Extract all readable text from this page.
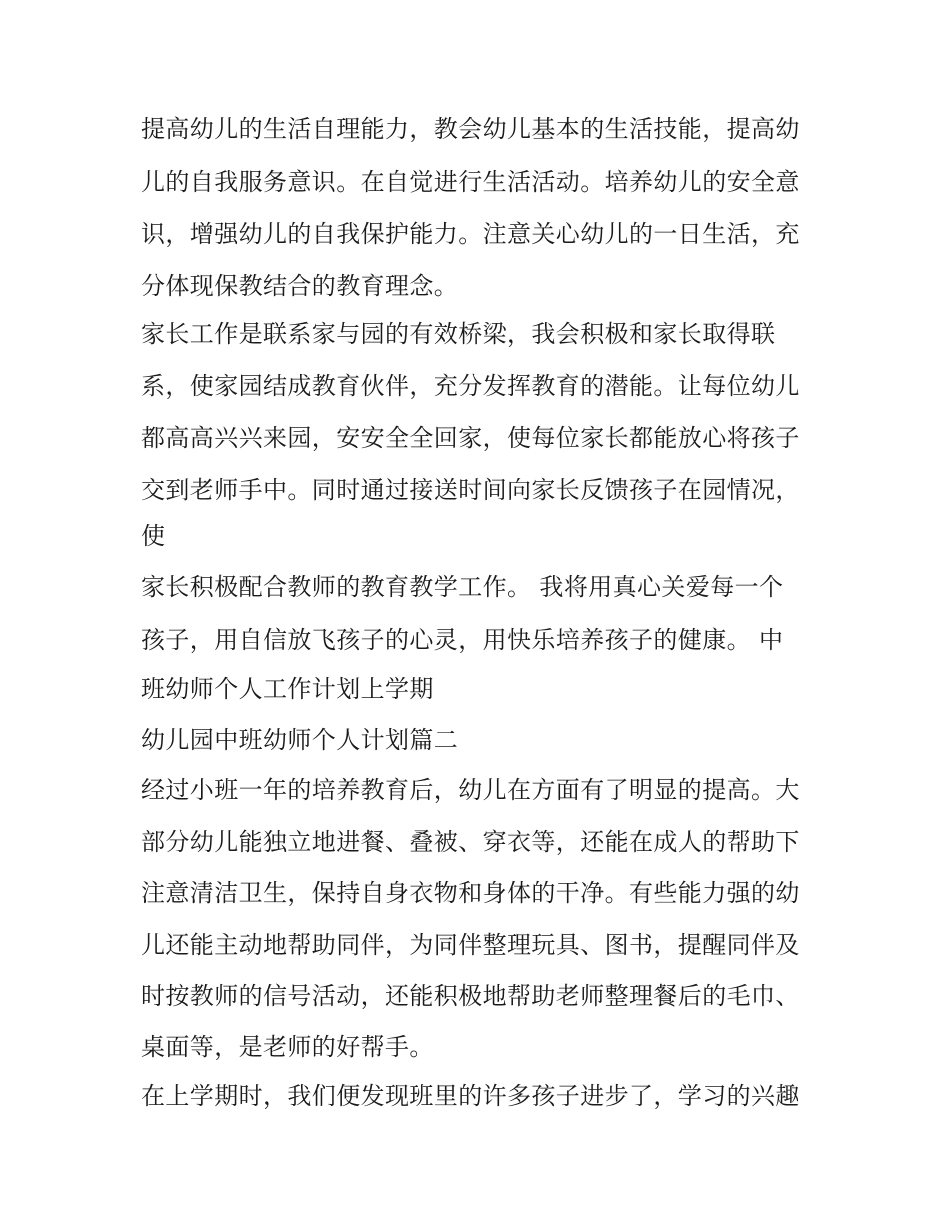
提高幼儿的生活自理能力，教会幼儿基本的生活技能，提高幼
儿的自我服务意识。在自觉进行生活活动。培养幼儿的安全意
识，增强幼儿的自我保护能力。注意关心幼儿的一日生活，充
分体现保教结合的教育理念。
家长工作是联系家与园的有效桥梁，我会积极和家长取得联
系，使家园结成教育伙伴，充分发挥教育的潜能。让每位幼儿
都高高兴兴来园，安安全全回家，使每位家长都能放心将孩子
交到老师手中。同时通过接送时间向家长反馈孩子在园情况，
使
家长积极配合教师的教育教学工作。 我将用真心关爱每一个
孩子，用自信放飞孩子的心灵，用快乐培养孩子的健康。 中
班幼师个人工作计划上学期
幼儿园中班幼师个人计划篇二
经过小班一年的培养教育后，幼儿在方面有了明显的提高。大
部分幼儿能独立地进餐、叠被、穿衣等，还能在成人的帮助下
注意清洁卫生，保持自身衣物和身体的干净。有些能力强的幼
儿还能主动地帮助同伴，为同伴整理玩具、图书，提醒同伴及
时按教师的信号活动，还能积极地帮助老师整理餐后的毛巾、
桌面等，是老师的好帮手。
在上学期时，我们便发现班里的许多孩子进步了，学习的兴趣
